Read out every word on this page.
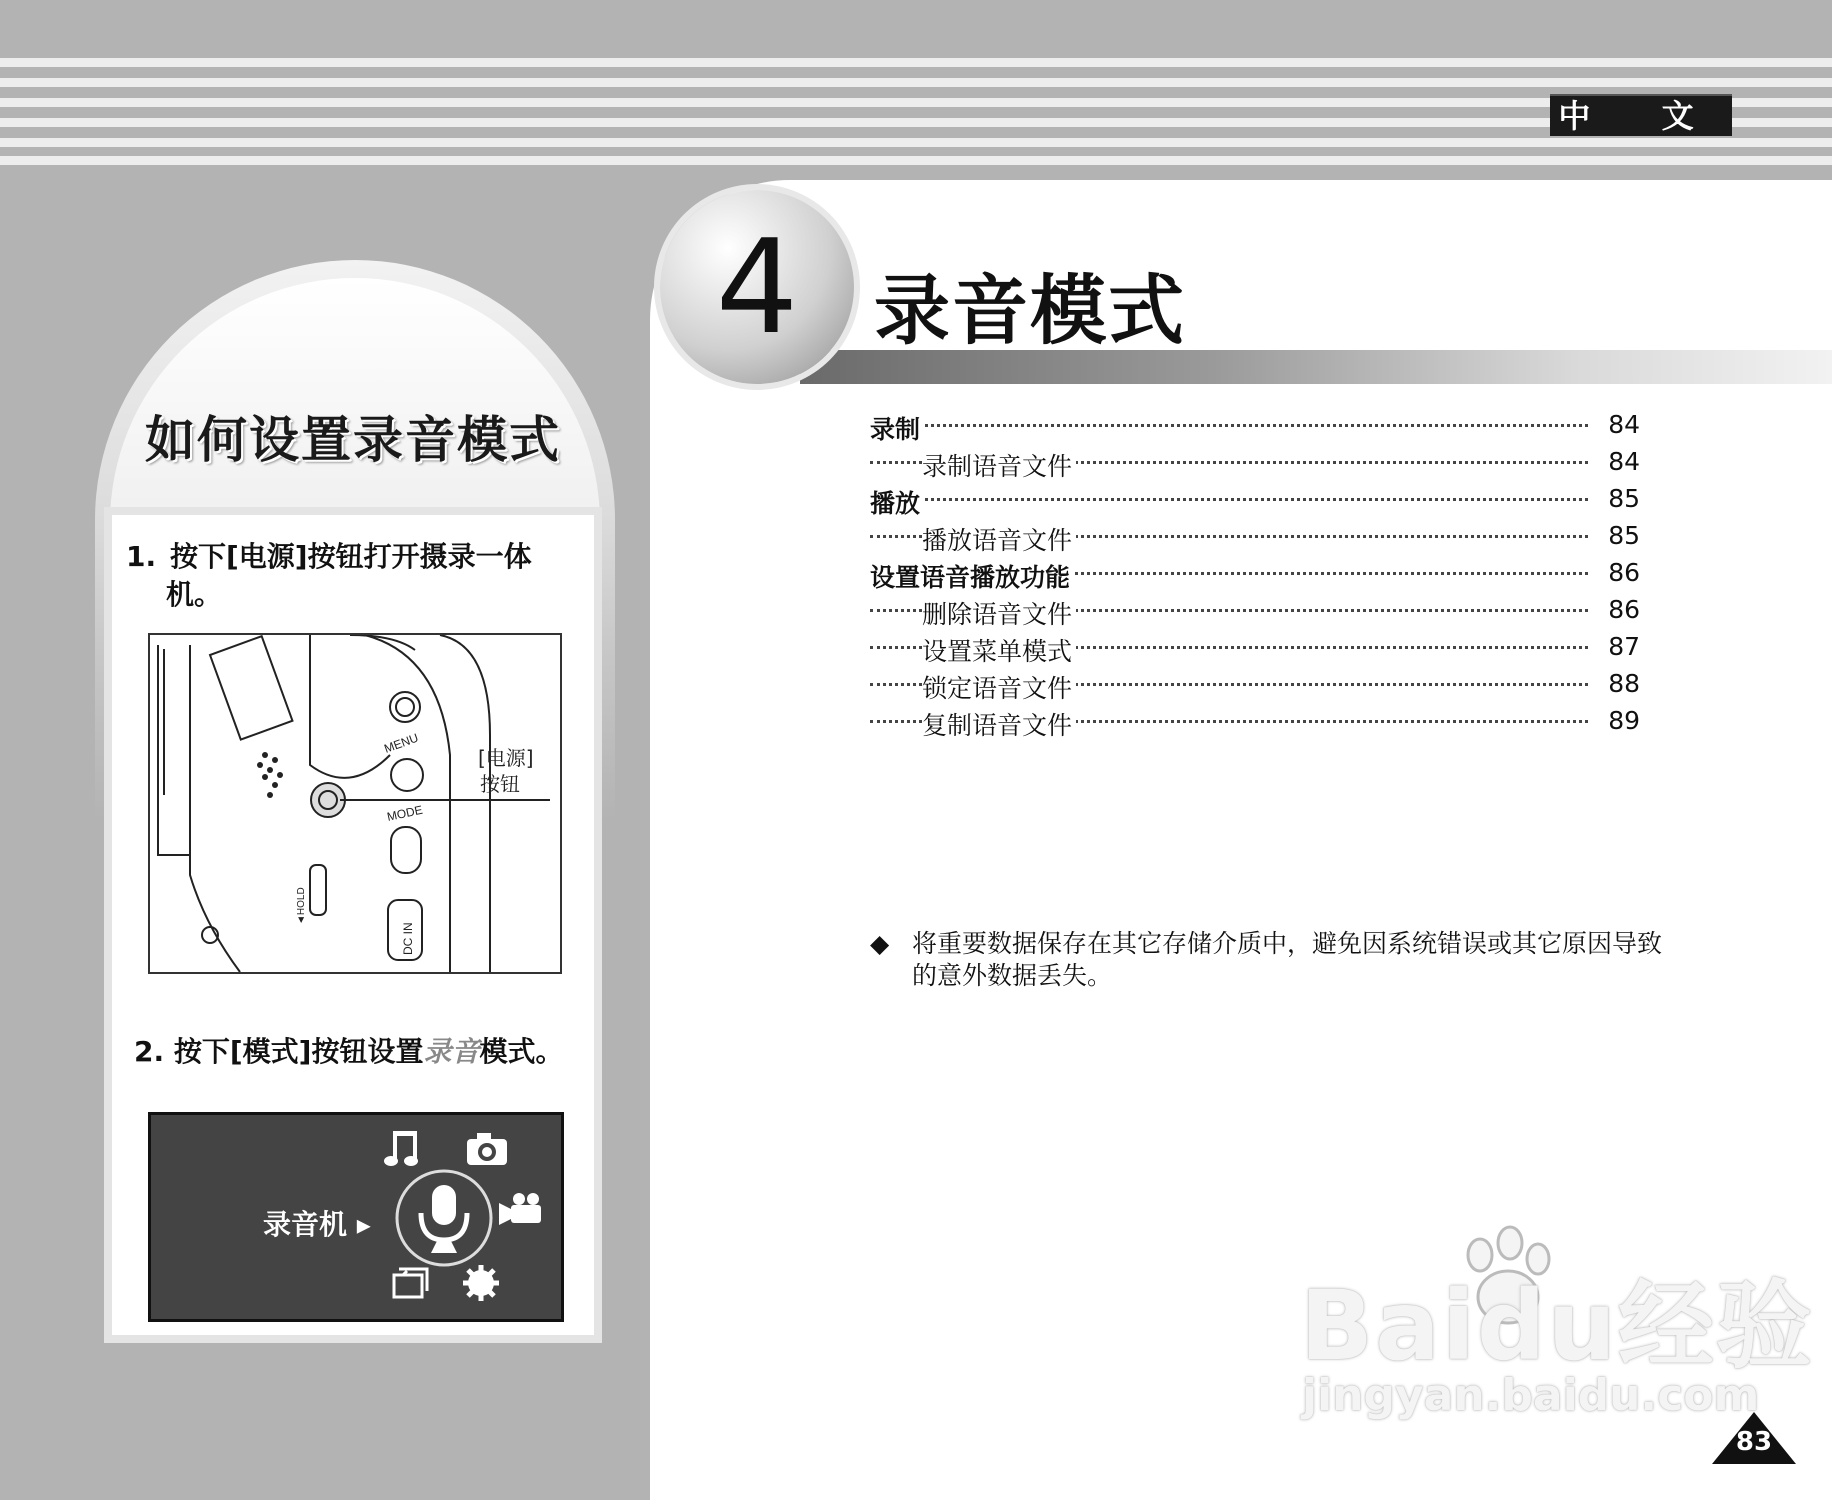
中 文
如何设置录音模式
1. 按下[电源]按钮打开摄录一体
机。
MENU
MODE
◄HOLD
DC IN
[电源]
按钮
2. 按下[模式]按钮设置录音模式。
录音机 ▸
4 录音模式
录制	84
录制语音文件	84
播放	85
播放语音文件	85
设置语音播放功能	86
删除语音文件	86
设置菜单模式	87
锁定语音文件	88
复制语音文件	89
◆ 将重要数据保存在其它存储介质中，避免因系统错误或其它原因导致的意外数据丢失。
Baidu经验
jingyan.baidu.com
83
